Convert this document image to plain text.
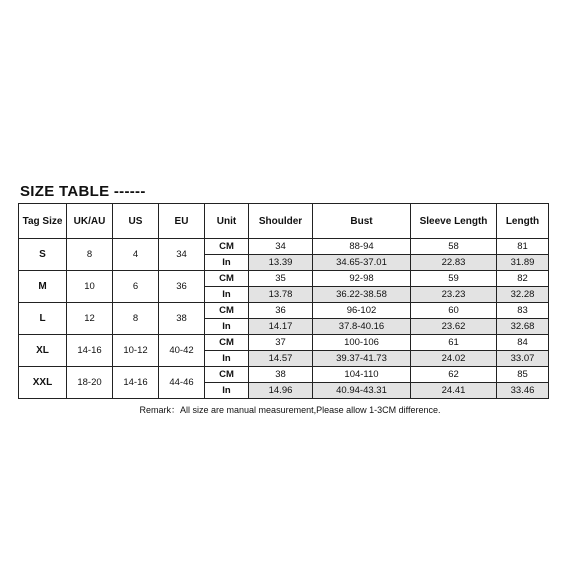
SIZE TABLE ------
Tag Size	UK/AU	US	EU	Unit	Shoulder	Bust	Sleeve Length	Length
S	8	4	34	CM	34	88-94	58	81
				In	13.39	34.65-37.01	22.83	31.89
M	10	6	36	CM	35	92-98	59	82
				In	13.78	36.22-38.58	23.23	32.28
L	12	8	38	CM	36	96-102	60	83
				In	14.17	37.8-40.16	23.62	32.68
XL	14-16	10-12	40-42	CM	37	100-106	61	84
				In	14.57	39.37-41.73	24.02	33.07
XXL	18-20	14-16	44-46	CM	38	104-110	62	85
				In	14.96	40.94-43.31	24.41	33.46
Remark：All size are manual measurement,Please allow 1-3CM difference.
